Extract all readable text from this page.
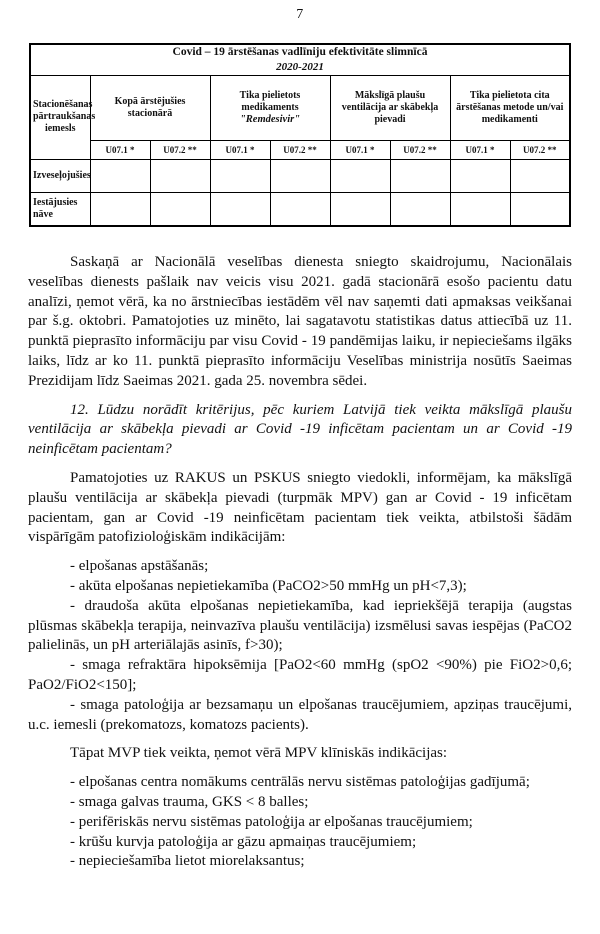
7
Covid – 19 ārstēšanas vadlīniju efektivitāte slimnīcā
2020-2021								

Stacionēšanas pārtraukšanas iemesls	Kopā ārstējušies stacionārā		Tika pielietots medikaments
"Remdesivir"		Mākslīgā plaušu ventilācija ar skābekļa pievadi		Tika pielietota cita ārstēšanas metode un/vai medikamenti	
	U07.1 *	U07.2 **	U07.1 *	U07.2 **	U07.1 *	U07.2 **	U07.1 *	U07.2 **
Izveseļojušies								
Iestājusies nāve								

Saskaņā ar Nacionālā veselības dienesta sniegto skaidrojumu, Nacionālais veselības dienests pašlaik nav veicis visu 2021. gadā stacionārā esošo pacientu datu analīzi, ņemot vērā, ka no ārstniecības iestādēm vēl nav saņemti dati apmaksas veikšanai par š.g. oktobri. Pamatojoties uz minēto, lai sagatavotu statistikas datus attiecībā uz 11. punktā pieprasīto informāciju par visu Covid - 19 pandēmijas laiku, ir nepieciešams ilgāks laiks, līdz ar ko 11. punktā pieprasīto informāciju Veselības ministrija nosūtīs Saeimas Prezidijam līdz Saeimas 2021. gada 25. novembra sēdei.

12. Lūdzu norādīt kritērijus, pēc kuriem Latvijā tiek veikta mākslīgā plaušu ventilācija ar skābekļa pievadi ar Covid -19 inficētam pacientam un ar Covid -19 neinficētam pacientam?

Pamatojoties uz RAKUS un PSKUS sniegto viedokli, informējam, ka mākslīgā plaušu ventilācija ar skābekļa pievadi (turpmāk MPV) gan ar Covid - 19 inficētam pacientam, gan ar Covid -19 neinficētam pacientam tiek veikta, atbilstoši šādām vispārīgām patofizioloģiskām indikācijām:

- elpošanas apstāšanās;

- akūta elpošanas nepietiekamība (PaCO2>50 mmHg un pH<7,3);

- draudoša akūta elpošanas nepietiekamība, kad iepriekšējā terapija (augstas plūsmas skābekļa terapija, neinvazīva plaušu ventilācija) izsmēlusi savas iespējas (PaCO2 palielinās, un pH arteriālajās asinīs, f>30);

- smaga refraktāra hipoksēmija [PaO2<60 mmHg (spO2 <90%) pie FiO2>0,6; PaO2/FiO2<150];

- smaga patoloģija ar bezsamaņu un elpošanas traucējumiem, apziņas traucējumi, u.c. iemesli (prekomatozs, komatozs pacients).

Tāpat MVP tiek veikta, ņemot vērā MPV klīniskās indikācijas:

- elpošanas centra nomākums centrālās nervu sistēmas patoloģijas gadījumā;

- smaga galvas trauma, GKS < 8 balles;

- perifēriskās nervu sistēmas patoloģija ar elpošanas traucējumiem;

- krūšu kurvja patoloģija ar gāzu apmaiņas traucējumiem;

- nepieciešamība lietot miorelaksantus;
